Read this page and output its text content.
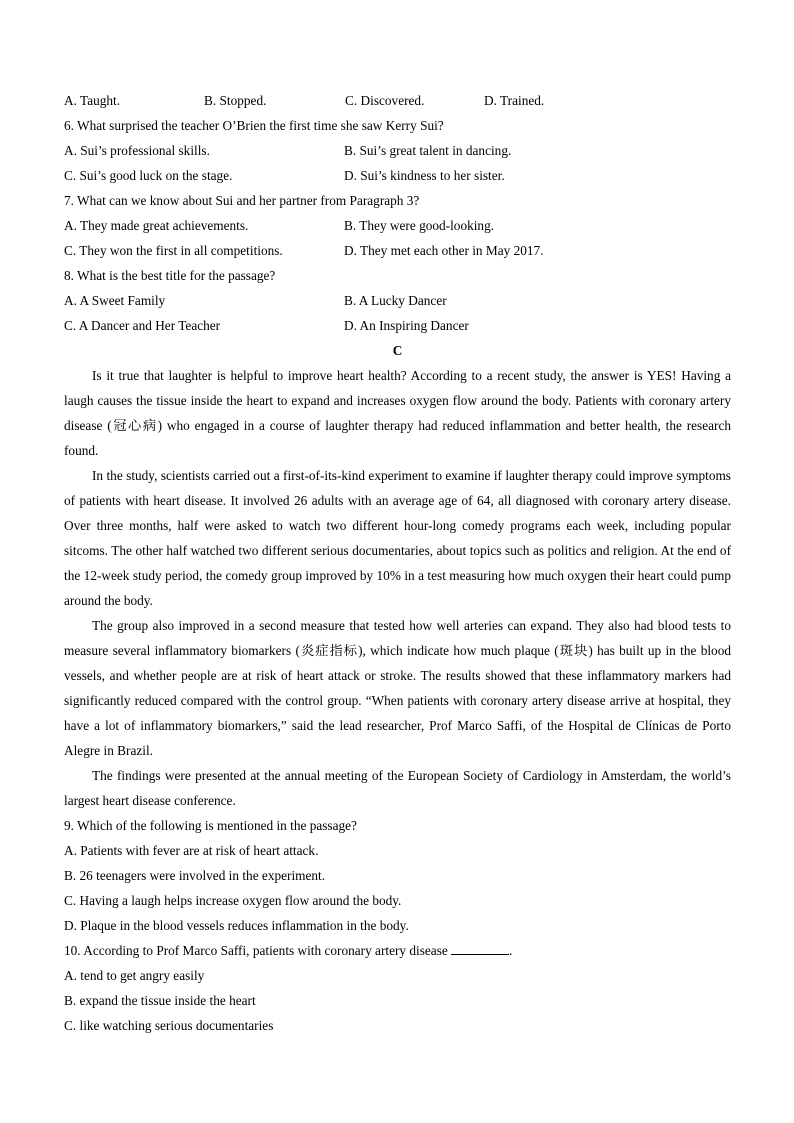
A. Taught.	B. Stopped.	C. Discovered.	D. Trained.
6. What surprised the teacher O’Brien the first time she saw Kerry Sui?
A. Sui’s professional skills.	B. Sui’s great talent in dancing.
C. Sui’s good luck on the stage.	D. Sui’s kindness to her sister.
7. What can we know about Sui and her partner from Paragraph 3?
A. They made great achievements.	B. They were good-looking.
C. They won the first in all competitions.	D. They met each other in May 2017.
8. What is the best title for the passage?
A. A Sweet Family	B. A Lucky Dancer
C. A Dancer and Her Teacher	D. An Inspiring Dancer
C

Is it true that laughter is helpful to improve heart health? According to a recent study, the answer is YES! Having a laugh causes the tissue inside the heart to expand and increases oxygen flow around the body. Patients with coronary artery disease (冠心病) who engaged in a course of laughter therapy had reduced inflammation and better health, the research found.

In the study, scientists carried out a first-of-its-kind experiment to examine if laughter therapy could improve symptoms of patients with heart disease. It involved 26 adults with an average age of 64, all diagnosed with coronary artery disease. Over three months, half were asked to watch two different hour-long comedy programs each week, including popular sitcoms. The other half watched two different serious documentaries, about topics such as politics and religion. At the end of the 12-week study period, the comedy group improved by 10% in a test measuring how much oxygen their heart could pump around the body.

The group also improved in a second measure that tested how well arteries can expand. They also had blood tests to measure several inflammatory biomarkers (炎症指标), which indicate how much plaque (斑块) has built up in the blood vessels, and whether people are at risk of heart attack or stroke. The results showed that these inflammatory markers had significantly reduced compared with the control group. “When patients with coronary artery disease arrive at hospital, they have a lot of inflammatory biomarkers,” said the lead researcher, Prof Marco Saffi, of the Hospital de Clínicas de Porto Alegre in Brazil.

The findings were presented at the annual meeting of the European Society of Cardiology in Amsterdam, the world’s largest heart disease conference.

9. Which of the following is mentioned in the passage?
A. Patients with fever are at risk of heart attack.
B. 26 teenagers were involved in the experiment.
C. Having a laugh helps increase oxygen flow around the body.
D. Plaque in the blood vessels reduces inflammation in the body.
10. According to Prof Marco Saffi, patients with coronary artery disease	.
A. tend to get angry easily
B. expand the tissue inside the heart
C. like watching serious documentaries
